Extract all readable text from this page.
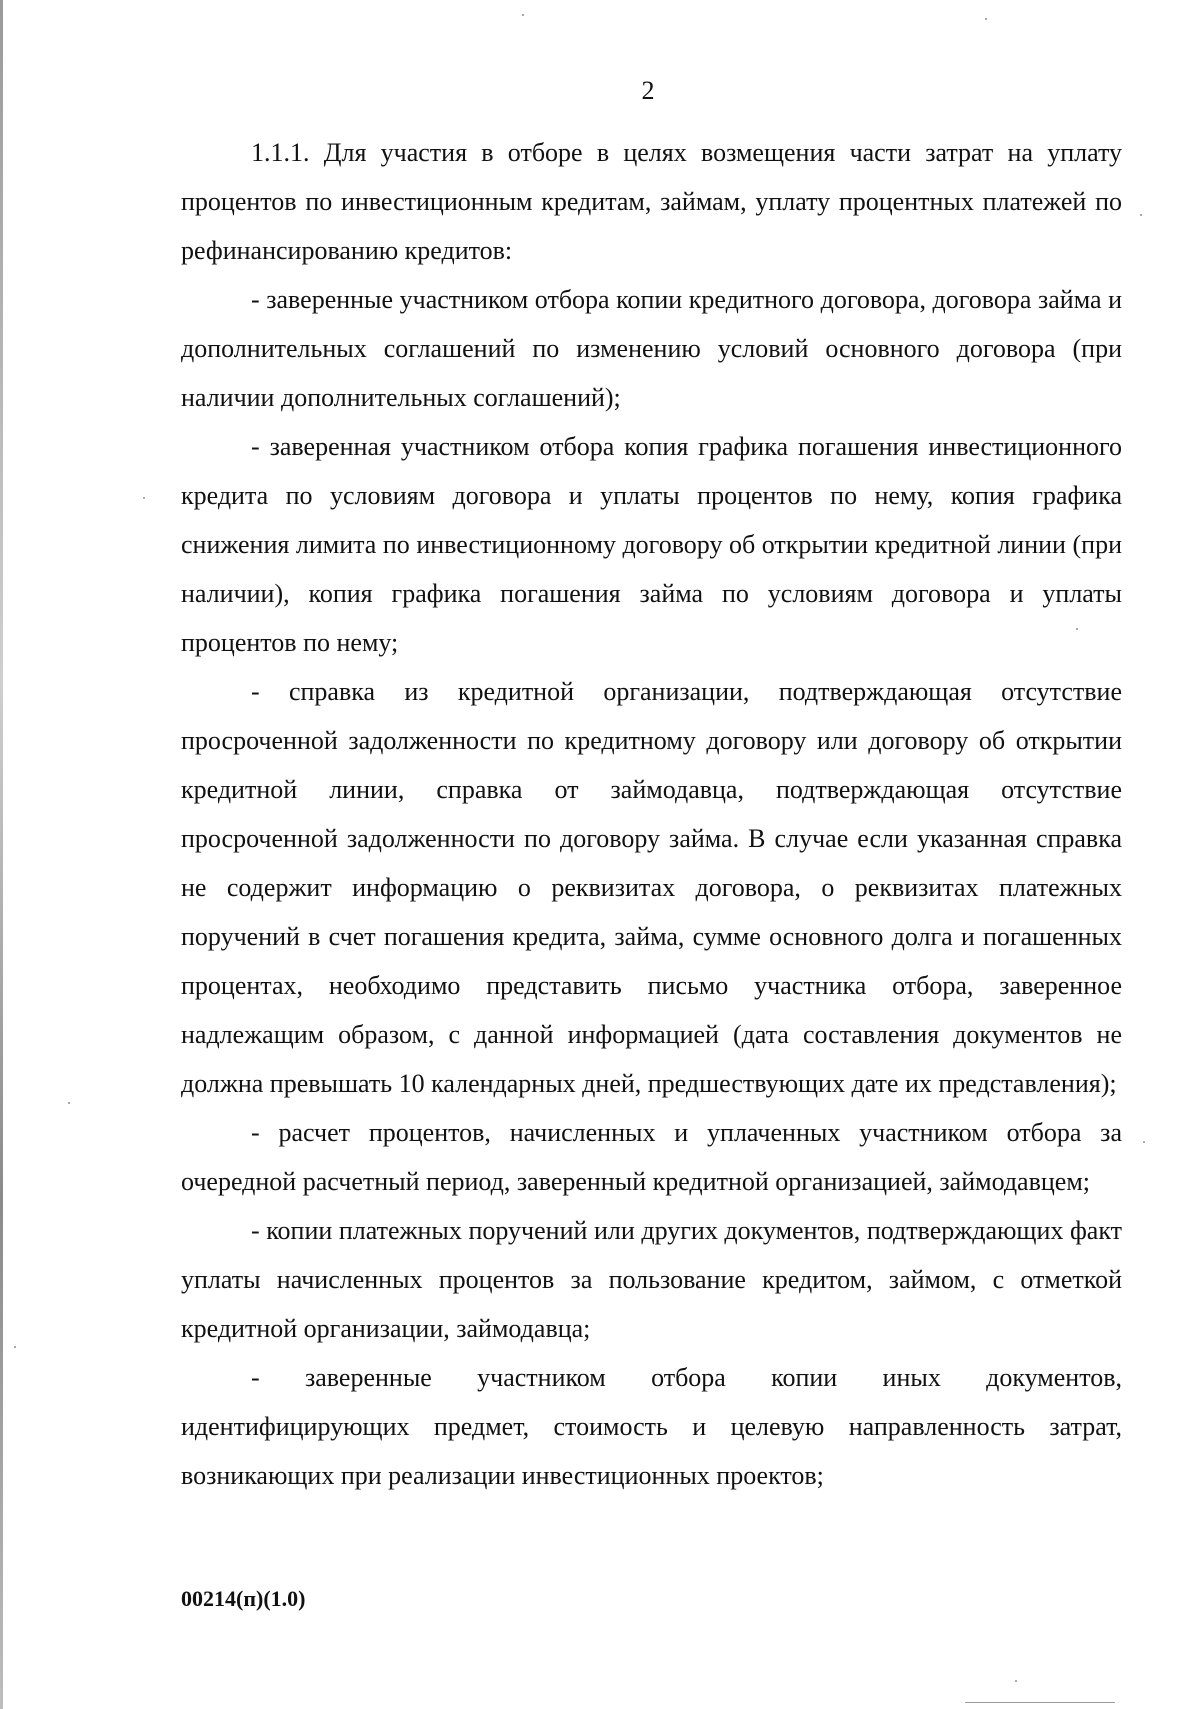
2

1.1.1. Для участия в отборе в целях возмещения части затрат на уплату процентов по инвестиционным кредитам, займам, уплату процентных платежей по рефинансированию кредитов:

- заверенные участником отбора копии кредитного договора, договора займа и дополнительных соглашений по изменению условий основного договора (при наличии дополнительных соглашений);

- заверенная участником отбора копия графика погашения инвестиционного кредита по условиям договора и уплаты процентов по нему, копия графика снижения лимита по инвестиционному договору об открытии кредитной линии (при наличии), копия графика погашения займа по условиям договора и уплаты процентов по нему;

- справка из кредитной организации, подтверждающая отсутствие просроченной задолженности по кредитному договору или договору об открытии кредитной линии, справка от займодавца, подтверждающая отсутствие просроченной задолженности по договору займа. В случае если указанная справка не содержит информацию о реквизитах договора, о реквизитах платежных поручений в счет погашения кредита, займа, сумме основного долга и погашенных процентах, необходимо представить письмо участника отбора, заверенное надлежащим образом, с данной информацией (дата составления документов не должна превышать 10 календарных дней, предшествующих дате их представления);

- расчет процентов, начисленных и уплаченных участником отбора за очередной расчетный период, заверенный кредитной организацией, займодавцем;

- копии платежных поручений или других документов, подтверждающих факт уплаты начисленных процентов за пользование кредитом, займом, с отметкой кредитной организации, займодавца;

- заверенные участником отбора копии иных документов, идентифицирующих предмет, стоимость и целевую направленность затрат, возникающих при реализации инвестиционных проектов;

00214(п)(1.0)
